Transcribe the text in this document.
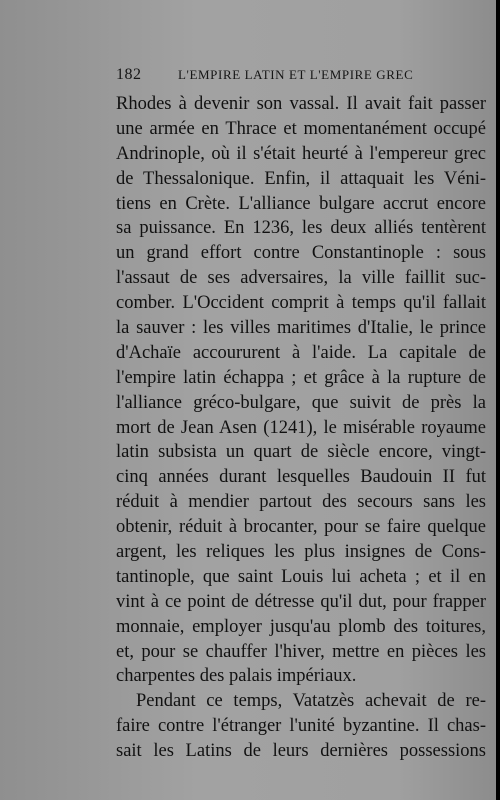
182	L'EMPIRE LATIN ET L'EMPIRE GREC
Rhodes à devenir son vassal. Il avait fait passer
une armée en Thrace et momentanément occupé
Andrinople, où il s'était heurté à l'empereur grec
de Thessalonique. Enfin, il attaquait les Véni-
tiens en Crète. L'alliance bulgare accrut encore
sa puissance. En 1236, les deux alliés tentèrent
un grand effort contre Constantinople : sous
l'assaut de ses adversaires, la ville faillit suc-
comber. L'Occident comprit à temps qu'il fallait
la sauver : les villes maritimes d'Italie, le prince
d'Achaïe accoururent à l'aide. La capitale de
l'empire latin échappa ; et grâce à la rupture de
l'alliance gréco-bulgare, que suivit de près la
mort de Jean Asen (1241), le misérable royaume
latin subsista un quart de siècle encore, vingt-
cinq années durant lesquelles Baudouin II fut
réduit à mendier partout des secours sans les
obtenir, réduit à brocanter, pour se faire quelque
argent, les reliques les plus insignes de Cons-
tantinople, que saint Louis lui acheta ; et il en
vint à ce point de détresse qu'il dut, pour frapper
monnaie, employer jusqu'au plomb des toitures,
et, pour se chauffer l'hiver, mettre en pièces les
charpentes des palais impériaux.
Pendant ce temps, Vatatzès achevait de re-
faire contre l'étranger l'unité byzantine. Il chas-
sait les Latins de leurs dernières possessions
